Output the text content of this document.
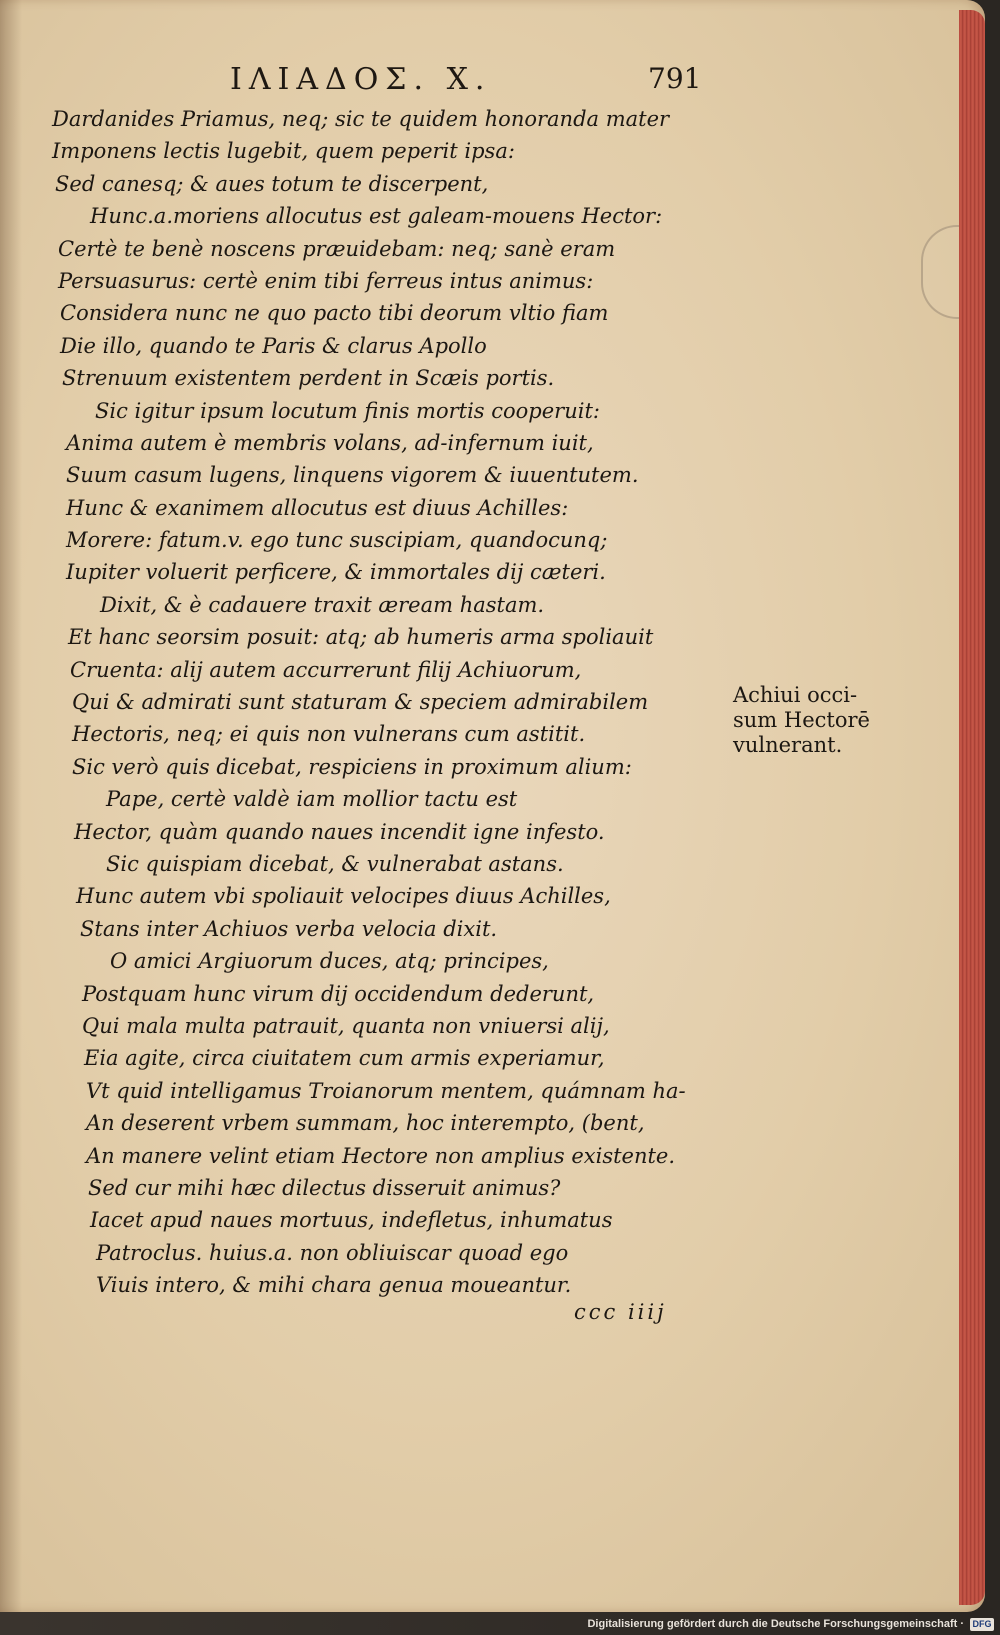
ΙΛΙΑΔΟΣ. Χ.	791
Dardanides Priamus, neq; sic te quidem honoranda mater
Imponens lectis lugebit, quem peperit ipsa:
Sed canesq; & aues totum te discerpent,
Hunc.a.moriens allocutus est galeam-mouens Hector:
Certè te benè noscens præuidebam: neq; sanè eram
Persuasurus: certè enim tibi ferreus intus animus:
Considera nunc ne quo pacto tibi deorum vltio fiam
Die illo, quando te Paris & clarus Apollo
Strenuum existentem perdent in Scæis portis.
Sic igitur ipsum locutum finis mortis cooperuit:
Anima autem è membris volans, ad-infernum iuit,
Suum casum lugens, linquens vigorem & iuuentutem.
Hunc & exanimem allocutus est diuus Achilles:
Morere: fatum.v. ego tunc suscipiam, quandocunq;
Iupiter voluerit perficere, & immortales dij cæteri.
Dixit, & è cadauere traxit æream hastam.
Et hanc seorsim posuit: atq; ab humeris arma spoliauit
Cruenta: alij autem accurrerunt filij Achiuorum,
Qui & admirati sunt staturam & speciem admirabilem
Hectoris, neq; ei quis non vulnerans cum astitit.
Sic verò quis dicebat, respiciens in proximum alium:
Pape, certè valdè iam mollior tactu est
Hector, quàm quando naues incendit igne infesto.
Sic quispiam dicebat, & vulnerabat astans.
Hunc autem vbi spoliauit velocipes diuus Achilles,
Stans inter Achiuos verba velocia dixit.
O amici Argiuorum duces, atq; principes,
Postquam hunc virum dij occidendum dederunt,
Qui mala multa patrauit, quanta non vniuersi alij,
Eia agite, circa ciuitatem cum armis experiamur,
Vt quid intelligamus Troianorum mentem, quámnam ha-
An deserent vrbem summam, hoc interempto, (bent,
An manere velint etiam Hectore non amplius existente.
Sed cur mihi hæc dilectus disseruit animus?
Iacet apud naues mortuus, indefletus, inhumatus
Patroclus. huius.a. non obliuiscar quoad ego
Viuis intero, & mihi chara genua moueantur.
Achiui occi-
sum Hectorē
vulnerant.
ccc iiij
Digitalisierung gefördert durch die Deutsche Forschungsgemeinschaft · DFG
